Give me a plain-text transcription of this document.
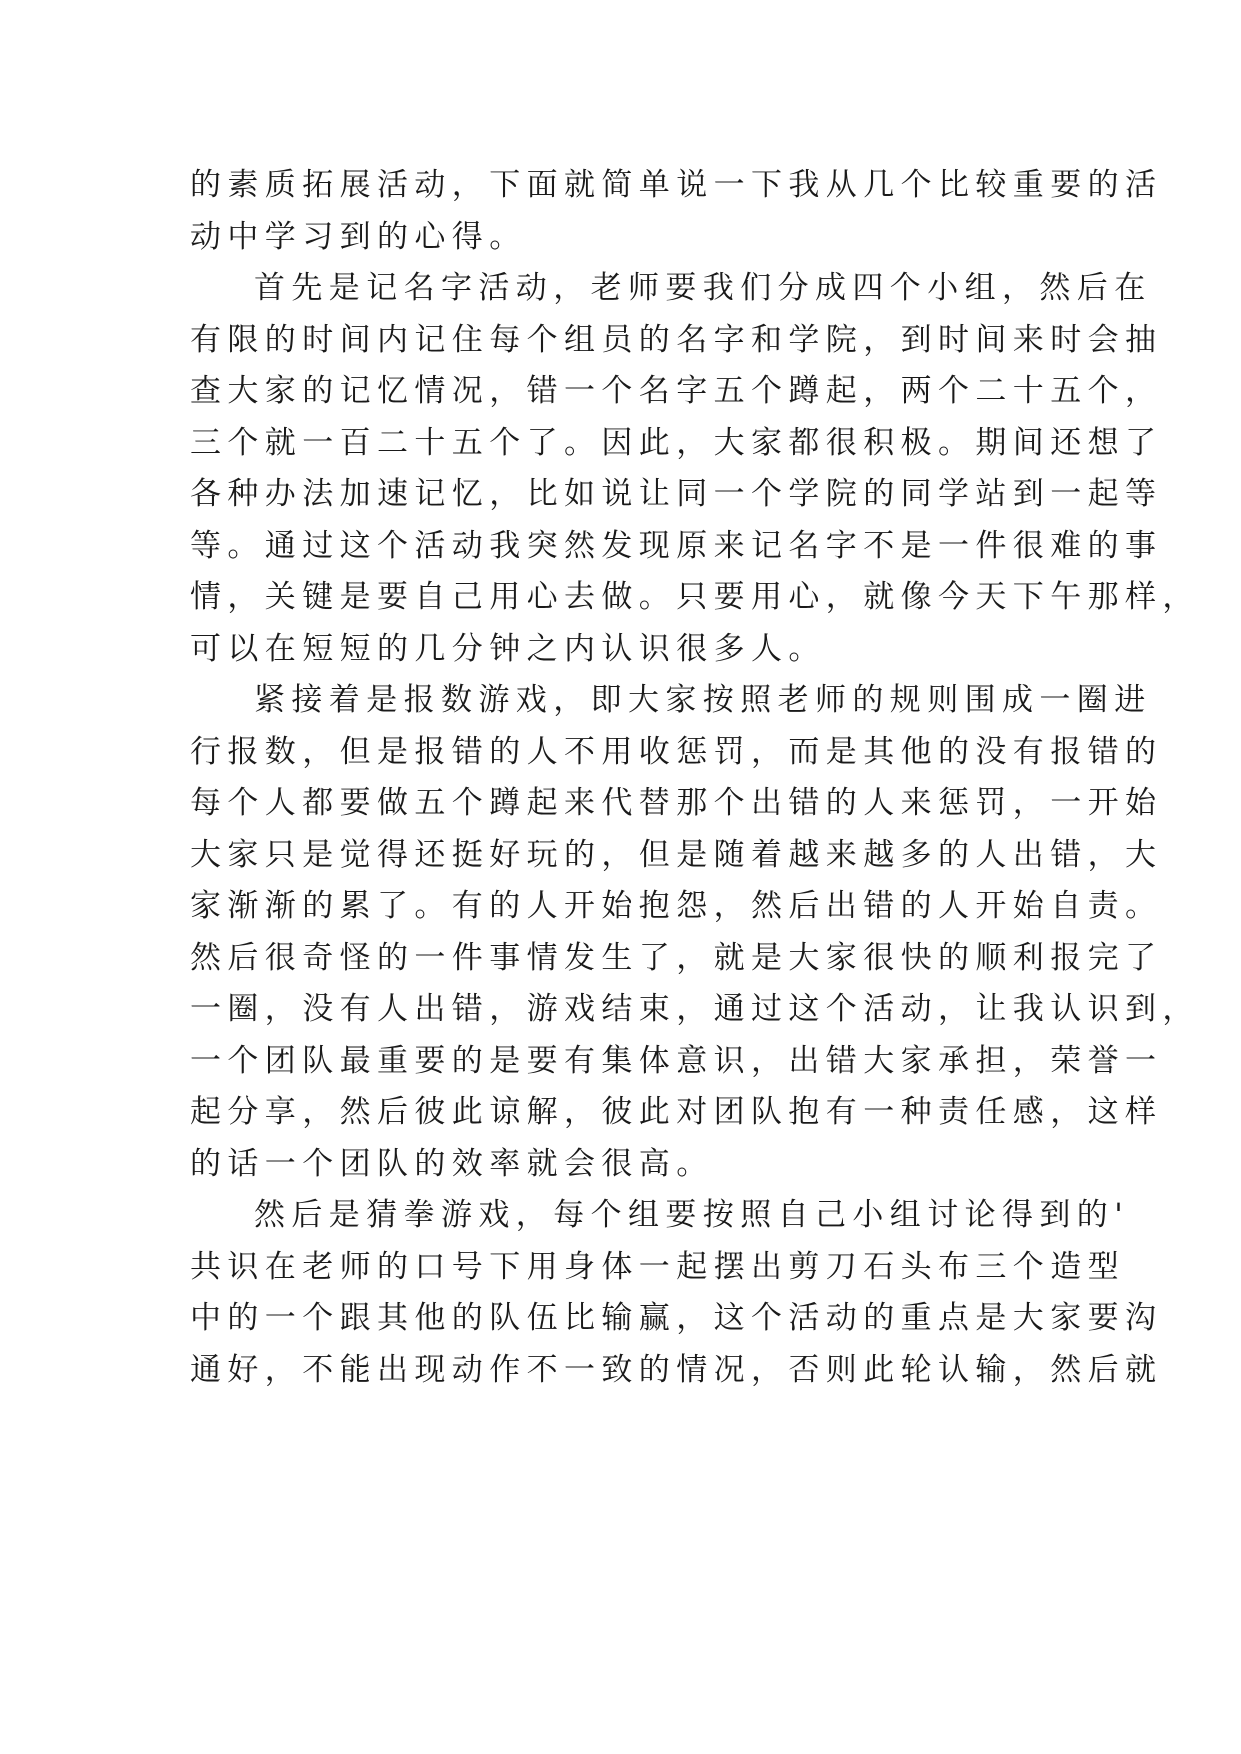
的素质拓展活动，下面就简单说一下我从几个比较重要的活
动中学习到的心得。
首先是记名字活动，老师要我们分成四个小组，然后在
有限的时间内记住每个组员的名字和学院，到时间来时会抽
查大家的记忆情况，错一个名字五个蹲起，两个二十五个，
三个就一百二十五个了。因此，大家都很积极。期间还想了
各种办法加速记忆，比如说让同一个学院的同学站到一起等
等。通过这个活动我突然发现原来记名字不是一件很难的事
情，关键是要自己用心去做。只要用心，就像今天下午那样，
可以在短短的几分钟之内认识很多人。
紧接着是报数游戏，即大家按照老师的规则围成一圈进
行报数，但是报错的人不用收惩罚，而是其他的没有报错的
每个人都要做五个蹲起来代替那个出错的人来惩罚，一开始
大家只是觉得还挺好玩的，但是随着越来越多的人出错，大
家渐渐的累了。有的人开始抱怨，然后出错的人开始自责。
然后很奇怪的一件事情发生了，就是大家很快的顺利报完了
一圈，没有人出错，游戏结束，通过这个活动，让我认识到，
一个团队最重要的是要有集体意识，出错大家承担，荣誉一
起分享，然后彼此谅解，彼此对团队抱有一种责任感，这样
的话一个团队的效率就会很高。
然后是猜拳游戏，每个组要按照自己小组讨论得到的'
共识在老师的口号下用身体一起摆出剪刀石头布三个造型
中的一个跟其他的队伍比输赢，这个活动的重点是大家要沟
通好，不能出现动作不一致的情况，否则此轮认输，然后就
